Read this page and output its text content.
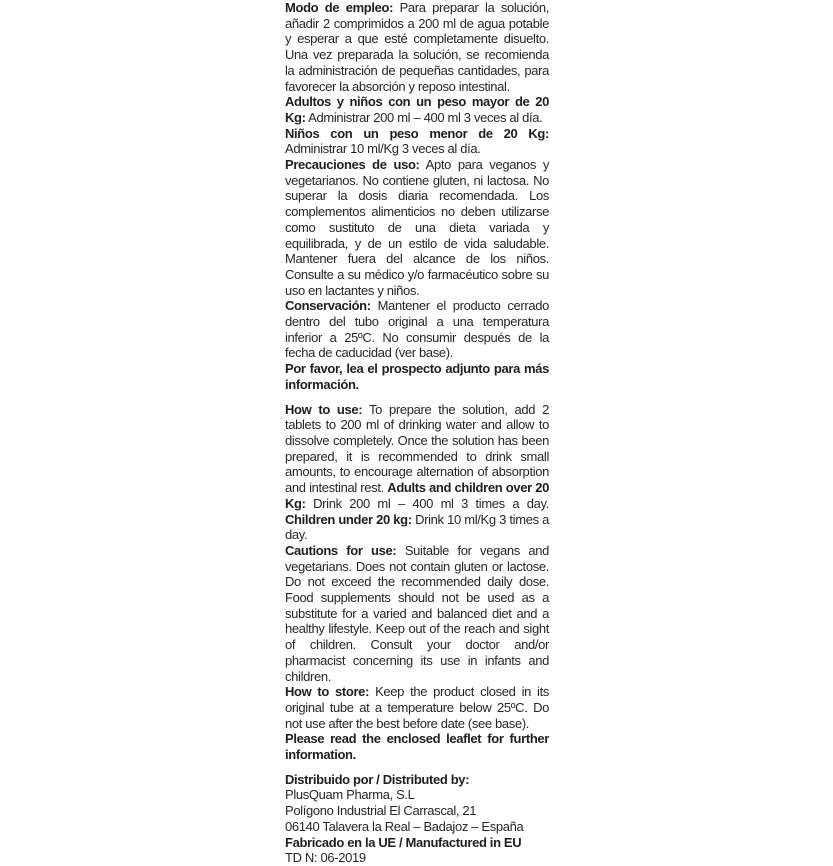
Modo de empleo: Para preparar la solución, añadir 2 comprimidos a 200 ml de agua potable y esperar a que esté completamente disuelto. Una vez preparada la solución, se recomienda la administración de pequeñas cantidades, para favorecer la absorción y reposo intestinal.

Adultos y niños con un peso mayor de 20 Kg: Administrar 200 ml – 400 ml 3 veces al día.

Niños con un peso menor de 20 Kg: Administrar 10 ml/Kg 3 veces al día.

Precauciones de uso: Apto para veganos y vegetarianos. No contiene gluten, ni lactosa. No superar la dosis diaria recomendada. Los complementos alimenticios no deben utilizarse como sustituto de una dieta variada y equilibrada, y de un estilo de vida saludable. Mantener fuera del alcance de los niños. Consulte a su médico y/o farmacéutico sobre su uso en lactantes y niños.

Conservación: Mantener el producto cerrado dentro del tubo original a una temperatura inferior a 25ºC. No consumir después de la fecha de caducidad (ver base).

Por favor, lea el prospecto adjunto para más información.

How to use: To prepare the solution, add 2 tablets to 200 ml of drinking water and allow to dissolve completely. Once the solution has been prepared, it is recommended to drink small amounts, to encourage alternation of absorption and intestinal rest. Adults and children over 20 Kg: Drink 200 ml – 400 ml 3 times a day. Children under 20 kg: Drink 10 ml/Kg 3 times a day.

Cautions for use: Suitable for vegans and vegetarians. Does not contain gluten or lactose. Do not exceed the recommended daily dose. Food supplements should not be used as a substitute for a varied and balanced diet and a healthy lifestyle. Keep out of the reach and sight of children. Consult your doctor and/or pharmacist concerning its use in infants and children.

How to store: Keep the product closed in its original tube at a temperature below 25ºC. Do not use after the best before date (see base).

Please read the enclosed leaflet for further information.

Distribuido por / Distributed by:

PlusQuam Pharma, S.L

Polígono Industrial El Carrascal, 21

06140 Talavera la Real – Badajoz – España

Fabricado en la UE / Manufactured in EU

TD N: 06-2019
